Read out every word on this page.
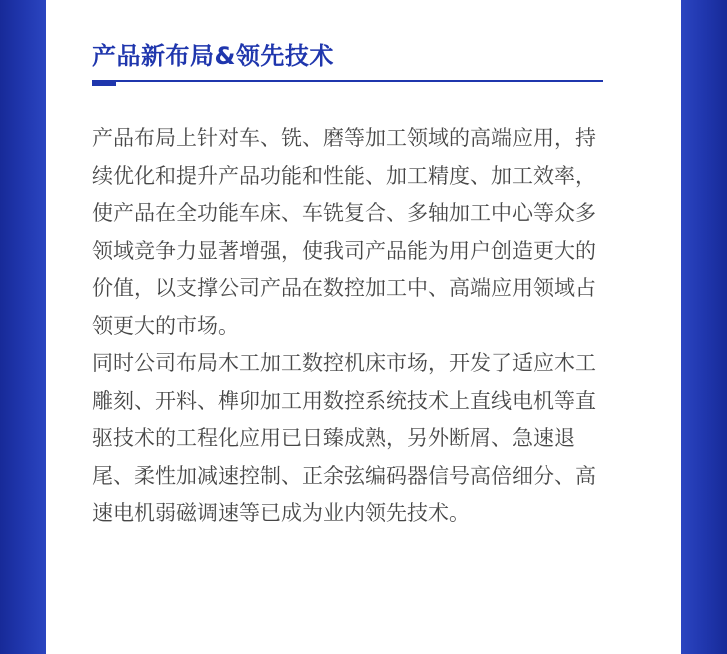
产品新布局&领先技术

产品布局上针对车、铣、磨等加工领域的高端应用，持续优化和提升产品功能和性能、加工精度、加工效率，使产品在全功能车床、车铣复合、多轴加工中心等众多领域竞争力显著增强，使我司产品能为用户创造更大的价值，以支撑公司产品在数控加工中、高端应用领域占领更大的市场。

同时公司布局木工加工数控机床市场，开发了适应木工雕刻、开料、榫卯加工用数控系统技术上直线电机等直驱技术的工程化应用已日臻成熟，另外断屑、急速退尾、柔性加减速控制、正余弦编码器信号高倍细分、高速电机弱磁调速等已成为业内领先技术。
